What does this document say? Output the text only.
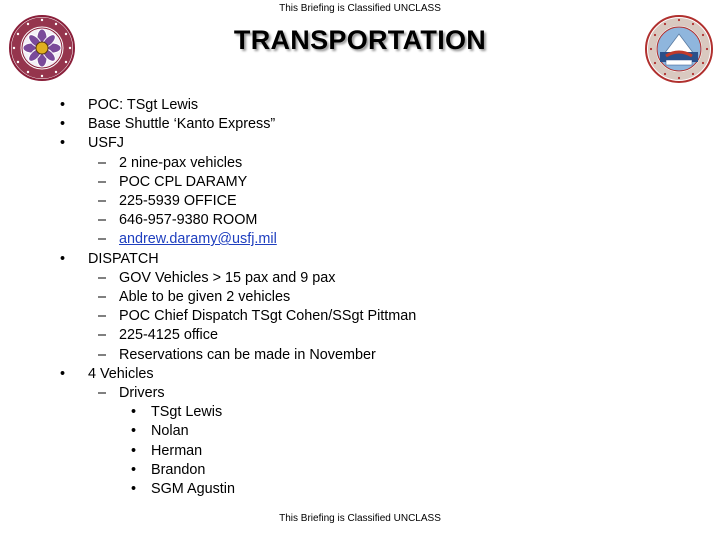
This Briefing is Classified UNCLASS
TRANSPORTATION
• POC: TSgt Lewis
• Base Shuttle ‘Kanto Express”
• USFJ
– 2 nine-pax vehicles
– POC CPL DARAMY
– 225-5939 OFFICE
– 646-957-9380 ROOM
– andrew.daramy@usfj.mil
• DISPATCH
– GOV Vehicles > 15 pax and 9 pax
– Able to be given 2 vehicles
– POC Chief Dispatch TSgt Cohen/SSgt Pittman
– 225-4125 office
– Reservations can be made in November
• 4 Vehicles
– Drivers
• TSgt Lewis
• Nolan
• Herman
• Brandon
• SGM Agustin
This Briefing is Classified UNCLASS
